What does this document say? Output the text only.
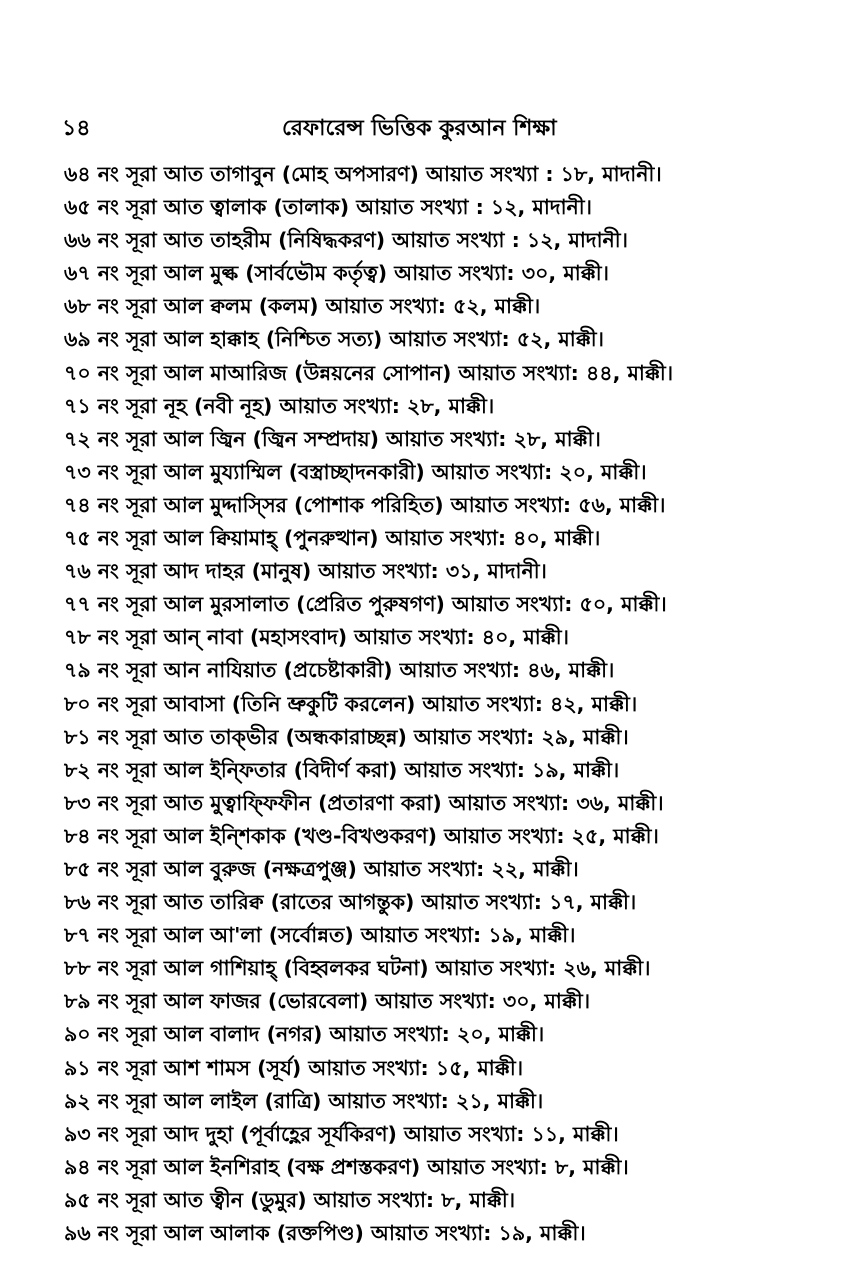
১৪	রেফারেন্স ভিত্তিক কুরআন শিক্ষা
৬৪ নং সূরা আত তাগাবুন (মোহ অপসারণ) আয়াত সংখ্যা : ১৮, মাদানী।
৬৫ নং সূরা আত ত্বালাক (তালাক) আয়াত সংখ্যা : ১২, মাদানী।
৬৬ নং সূরা আত তাহরীম (নিষিদ্ধকরণ) আয়াত সংখ্যা : ১২, মাদানী।
৬৭ নং সূরা আল মুল্ক (সার্বভৌম কর্তৃত্ব) আয়াত সংখ্যা: ৩০, মাক্কী।
৬৮ নং সূরা আল ক্বলম (কলম) আয়াত সংখ্যা: ৫২, মাক্কী।
৬৯ নং সূরা আল হাক্কাহ (নিশ্চিত সত্য) আয়াত সংখ্যা: ৫২, মাক্কী।
৭০ নং সূরা আল মাআরিজ (উন্নয়নের সোপান) আয়াত সংখ্যা: ৪৪, মাক্কী।
৭১ নং সূরা নূহ (নবী নূহ) আয়াত সংখ্যা: ২৮, মাক্কী।
৭২ নং সূরা আল জ্বিন (জ্বিন সম্প্রদায়) আয়াত সংখ্যা: ২৮, মাক্কী।
৭৩ নং সূরা আল মুয্যাম্মিল (বস্ত্রাচ্ছাদনকারী) আয়াত সংখ্যা: ২০, মাক্কী।
৭৪ নং সূরা আল মুদ্দাস্সির (পোশাক পরিহিত) আয়াত সংখ্যা: ৫৬, মাক্কী।
৭৫ নং সূরা আল ক্বিয়ামাহ্ (পুনরুত্থান) আয়াত সংখ্যা: ৪০, মাক্কী।
৭৬ নং সূরা আদ দাহর (মানুষ) আয়াত সংখ্যা: ৩১, মাদানী।
৭৭ নং সূরা আল মুরসালাত (প্রেরিত পুরুষগণ) আয়াত সংখ্যা: ৫০, মাক্কী।
৭৮ নং সূরা আন্ নাবা (মহাসংবাদ) আয়াত সংখ্যা: ৪০, মাক্কী।
৭৯ নং সূরা আন নাযিয়াত (প্রচেষ্টাকারী) আয়াত সংখ্যা: ৪৬, মাক্কী।
৮০ নং সূরা আবাসা (তিনি ভ্রুকুটি করলেন) আয়াত সংখ্যা: ৪২, মাক্কী।
৮১ নং সূরা আত তাক্ভীর (অন্ধকারাচ্ছন্ন) আয়াত সংখ্যা: ২৯, মাক্কী।
৮২ নং সূরা আল ইন্ফিতার (বিদীর্ণ করা) আয়াত সংখ্যা: ১৯, মাক্কী।
৮৩ নং সূরা আত মুত্বাফ্ফিফীন (প্রতারণা করা) আয়াত সংখ্যা: ৩৬, মাক্কী।
৮৪ নং সূরা আল ইন্শিকাক (খণ্ড-বিখণ্ডকরণ) আয়াত সংখ্যা: ২৫, মাক্কী।
৮৫ নং সূরা আল বুরুজ (নক্ষত্রপুঞ্জ) আয়াত সংখ্যা: ২২, মাক্কী।
৮৬ নং সূরা আত তারিক্ব (রাতের আগন্তুক) আয়াত সংখ্যা: ১৭, মাক্কী।
৮৭ নং সূরা আল আ'লা (সর্বোন্নত) আয়াত সংখ্যা: ১৯, মাক্কী।
৮৮ নং সূরা আল গাশিয়াহ্ (বিহ্বলকর ঘটনা) আয়াত সংখ্যা: ২৬, মাক্কী।
৮৯ নং সূরা আল ফাজর (ভোরবেলা) আয়াত সংখ্যা: ৩০, মাক্কী।
৯০ নং সূরা আল বালাদ (নগর) আয়াত সংখ্যা: ২০, মাক্কী।
৯১ নং সূরা আশ শামস (সূর্য) আয়াত সংখ্যা: ১৫, মাক্কী।
৯২ নং সূরা আল লাইল (রাত্রি) আয়াত সংখ্যা: ২১, মাক্কী।
৯৩ নং সূরা আদ দুহা (পূর্বাহ্ণের সূর্যকিরণ) আয়াত সংখ্যা: ১১, মাক্কী।
৯৪ নং সূরা আল ইনশিরাহ (বক্ষ প্রশস্তকরণ) আয়াত সংখ্যা: ৮, মাক্কী।
৯৫ নং সূরা আত ত্বীন (ডুমুর) আয়াত সংখ্যা: ৮, মাক্কী।
৯৬ নং সূরা আল আলাক (রক্তপিণ্ড) আয়াত সংখ্যা: ১৯, মাক্কী।
